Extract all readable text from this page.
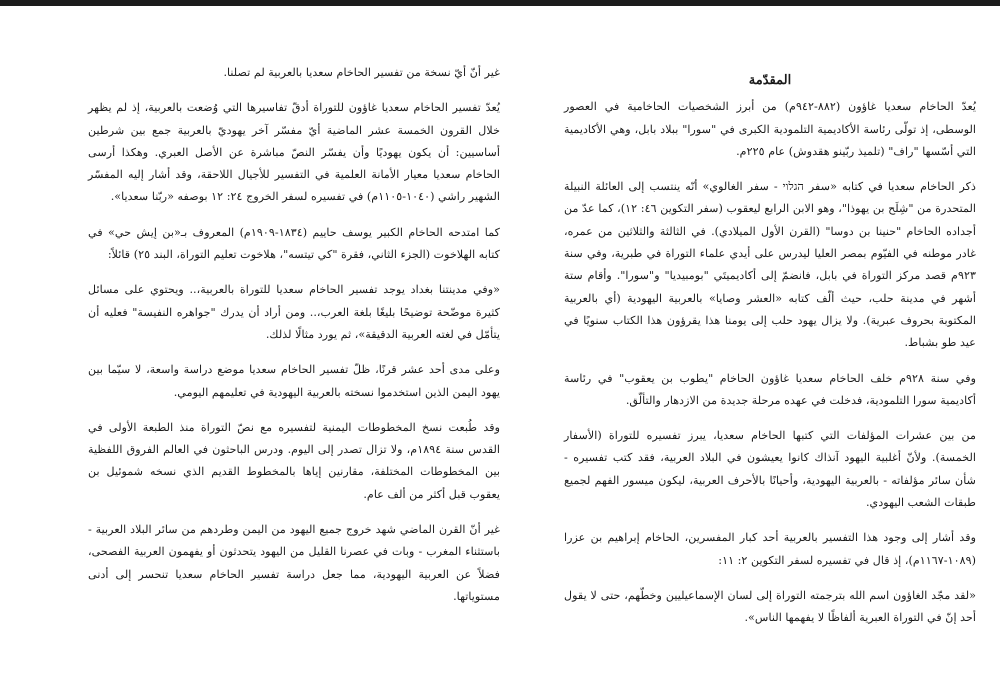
المقدّمة

يُعدّ الحاخام سعديا غاؤون (٨٨٢-٩٤٢م) من أبرز الشخصيات الحاخامية في العصور الوسطى، إذ تولّى رئاسة الأكاديمية التلمودية الكبرى في "سورا" ببلاد بابل، وهي الأكاديمية التي أسّسها "راف" (تلميذ ربّينو هقدوش) عام ٢٢٥م.

ذكر الحاخام سعديا في كتابه «سفر הגלוי - سفر الغالوي» أنّه ينتسب إلى العائلة النبيلة المتحدرة من "شِلَح بن يهوذا"، وهو الابن الرابع ليعقوب (سفر التكوين ٤٦: ١٢)، كما عدّ من أجداده الحاخام "حنينا بن دوسا" (القرن الأول الميلادي). في الثالثة والثلاثين من عمره، غادر موطنه في الفيّوم بمصر العليا ليدرس على أيدي علماء التوراة في طبرية، وفي سنة ٩٢٣م قصد مركز التوراة في بابل، فانضمّ إلى أكاديميتَي "بومبيديا" و"سورا". وأقام ستة أشهر في مدينة حلب، حيث ألّف كتابه «العشر وصايا» بالعربية اليهودية (أي بالعربية المكتوبة بحروف عبرية). ولا يزال يهود حلب إلى يومنا هذا يقرؤون هذا الكتاب سنويًا في عيد طو بشباط.

وفي سنة ٩٢٨م خلف الحاخام سعديا غاؤون الحاخام "يطوب بن يعقوب" في رئاسة أكاديمية سورا التلمودية، فدخلت في عهده مرحلة جديدة من الازدهار والتألّق.

من بين عشرات المؤلفات التي كتبها الحاخام سعديا، يبرز تفسيره للتوراة (الأسفار الخمسة). ولأنّ أغلبية اليهود آنذاك كانوا يعيشون في البلاد العربية، فقد كتب تفسيره - شأن سائر مؤلفاته - بالعربية اليهودية، وأحيانًا بالأحرف العربية، ليكون ميسور الفهم لجميع طبقات الشعب اليهودي.

وقد أشار إلى وجود هذا التفسير بالعربية أحد كبار المفسرين، الحاخام إبراهيم بن عزرا (١٠٨٩-١١٦٧م)، إذ قال في تفسيره لسفر التكوين ٢: ١١:

«لقد مجّد الغاؤون اسم الله بترجمته التوراة إلى لسان الإسماعيليين وخطّهم، حتى لا يقول أحد إنّ في التوراة العبرية ألفاظًا لا يفهمها الناس».

غير أنّ أيّ نسخة من تفسير الحاخام سعديا بالعربية لم تصلنا.

يُعدّ تفسير الحاخام سعديا غاؤون للتوراة أدقّ تفاسيرها التي وُضعت بالعربية، إذ لم يظهر خلال القرون الخمسة عشر الماضية أيّ مفسّر آخر يهوديّ بالعربية جمع بين شرطين أساسيين: أن يكون يهوديًا وأن يفسّر النصّ مباشرة عن الأصل العبري. وهكذا أرسى الحاخام سعديا معيار الأمانة العلمية في التفسير للأجيال اللاحقة، وقد أشار إليه المفسّر الشهير راشي (١٠٤٠-١١٠٥م) في تفسيره لسفر الخروج ٢٤: ١٢ بوصفه «ربّنا سعديا».

كما امتدحه الحاخام الكبير يوسف حاييم (١٨٣٤-١٩٠٩م) المعروف بـ«بن إيش حي» في كتابه الهلاخوت (الجزء الثاني، فقرة "كي تيتسه"، هلاخوت تعليم التوراة، البند ٢٥) قائلاً:

«وفي مدينتنا بغداد يوجد تفسير الحاخام سعديا للتوراة بالعربية،.. ويحتوي على مسائل كثيرة موضّحة توضيحًا بليغًا بلغة العرب،.. ومن أراد أن يدرك "جواهره النفيسة" فعليه أن يتأمّل في لغته العربية الدقيقة»، ثم يورد مثالًا لذلك.

وعلى مدى أحد عشر قرنًا، ظلّ تفسير الحاخام سعديا موضع دراسة واسعة، لا سيّما بين يهود اليمن الذين استخدموا نسخته بالعربية اليهودية في تعليمهم اليومي.

وقد طُبعت نسخ المخطوطات اليمنية لتفسيره مع نصّ التوراة منذ الطبعة الأولى في القدس سنة ١٨٩٤م، ولا تزال تصدر إلى اليوم. ودرس الباحثون في العالم الفروق اللفظية بين المخطوطات المختلفة، مقارنين إياها بالمخطوط القديم الذي نسخه شموئيل بن يعقوب قبل أكثر من ألف عام.

غير أنّ القرن الماضي شهد خروج جميع اليهود من اليمن وطردهم من سائر البلاد العربية - باستثناء المغرب - وبات في عصرنا القليل من اليهود يتحدثون أو يفهمون العربية الفصحى، فضلاً عن العربية اليهودية، مما جعل دراسة تفسير الحاخام سعديا تنحسر إلى أدنى مستوياتها.
